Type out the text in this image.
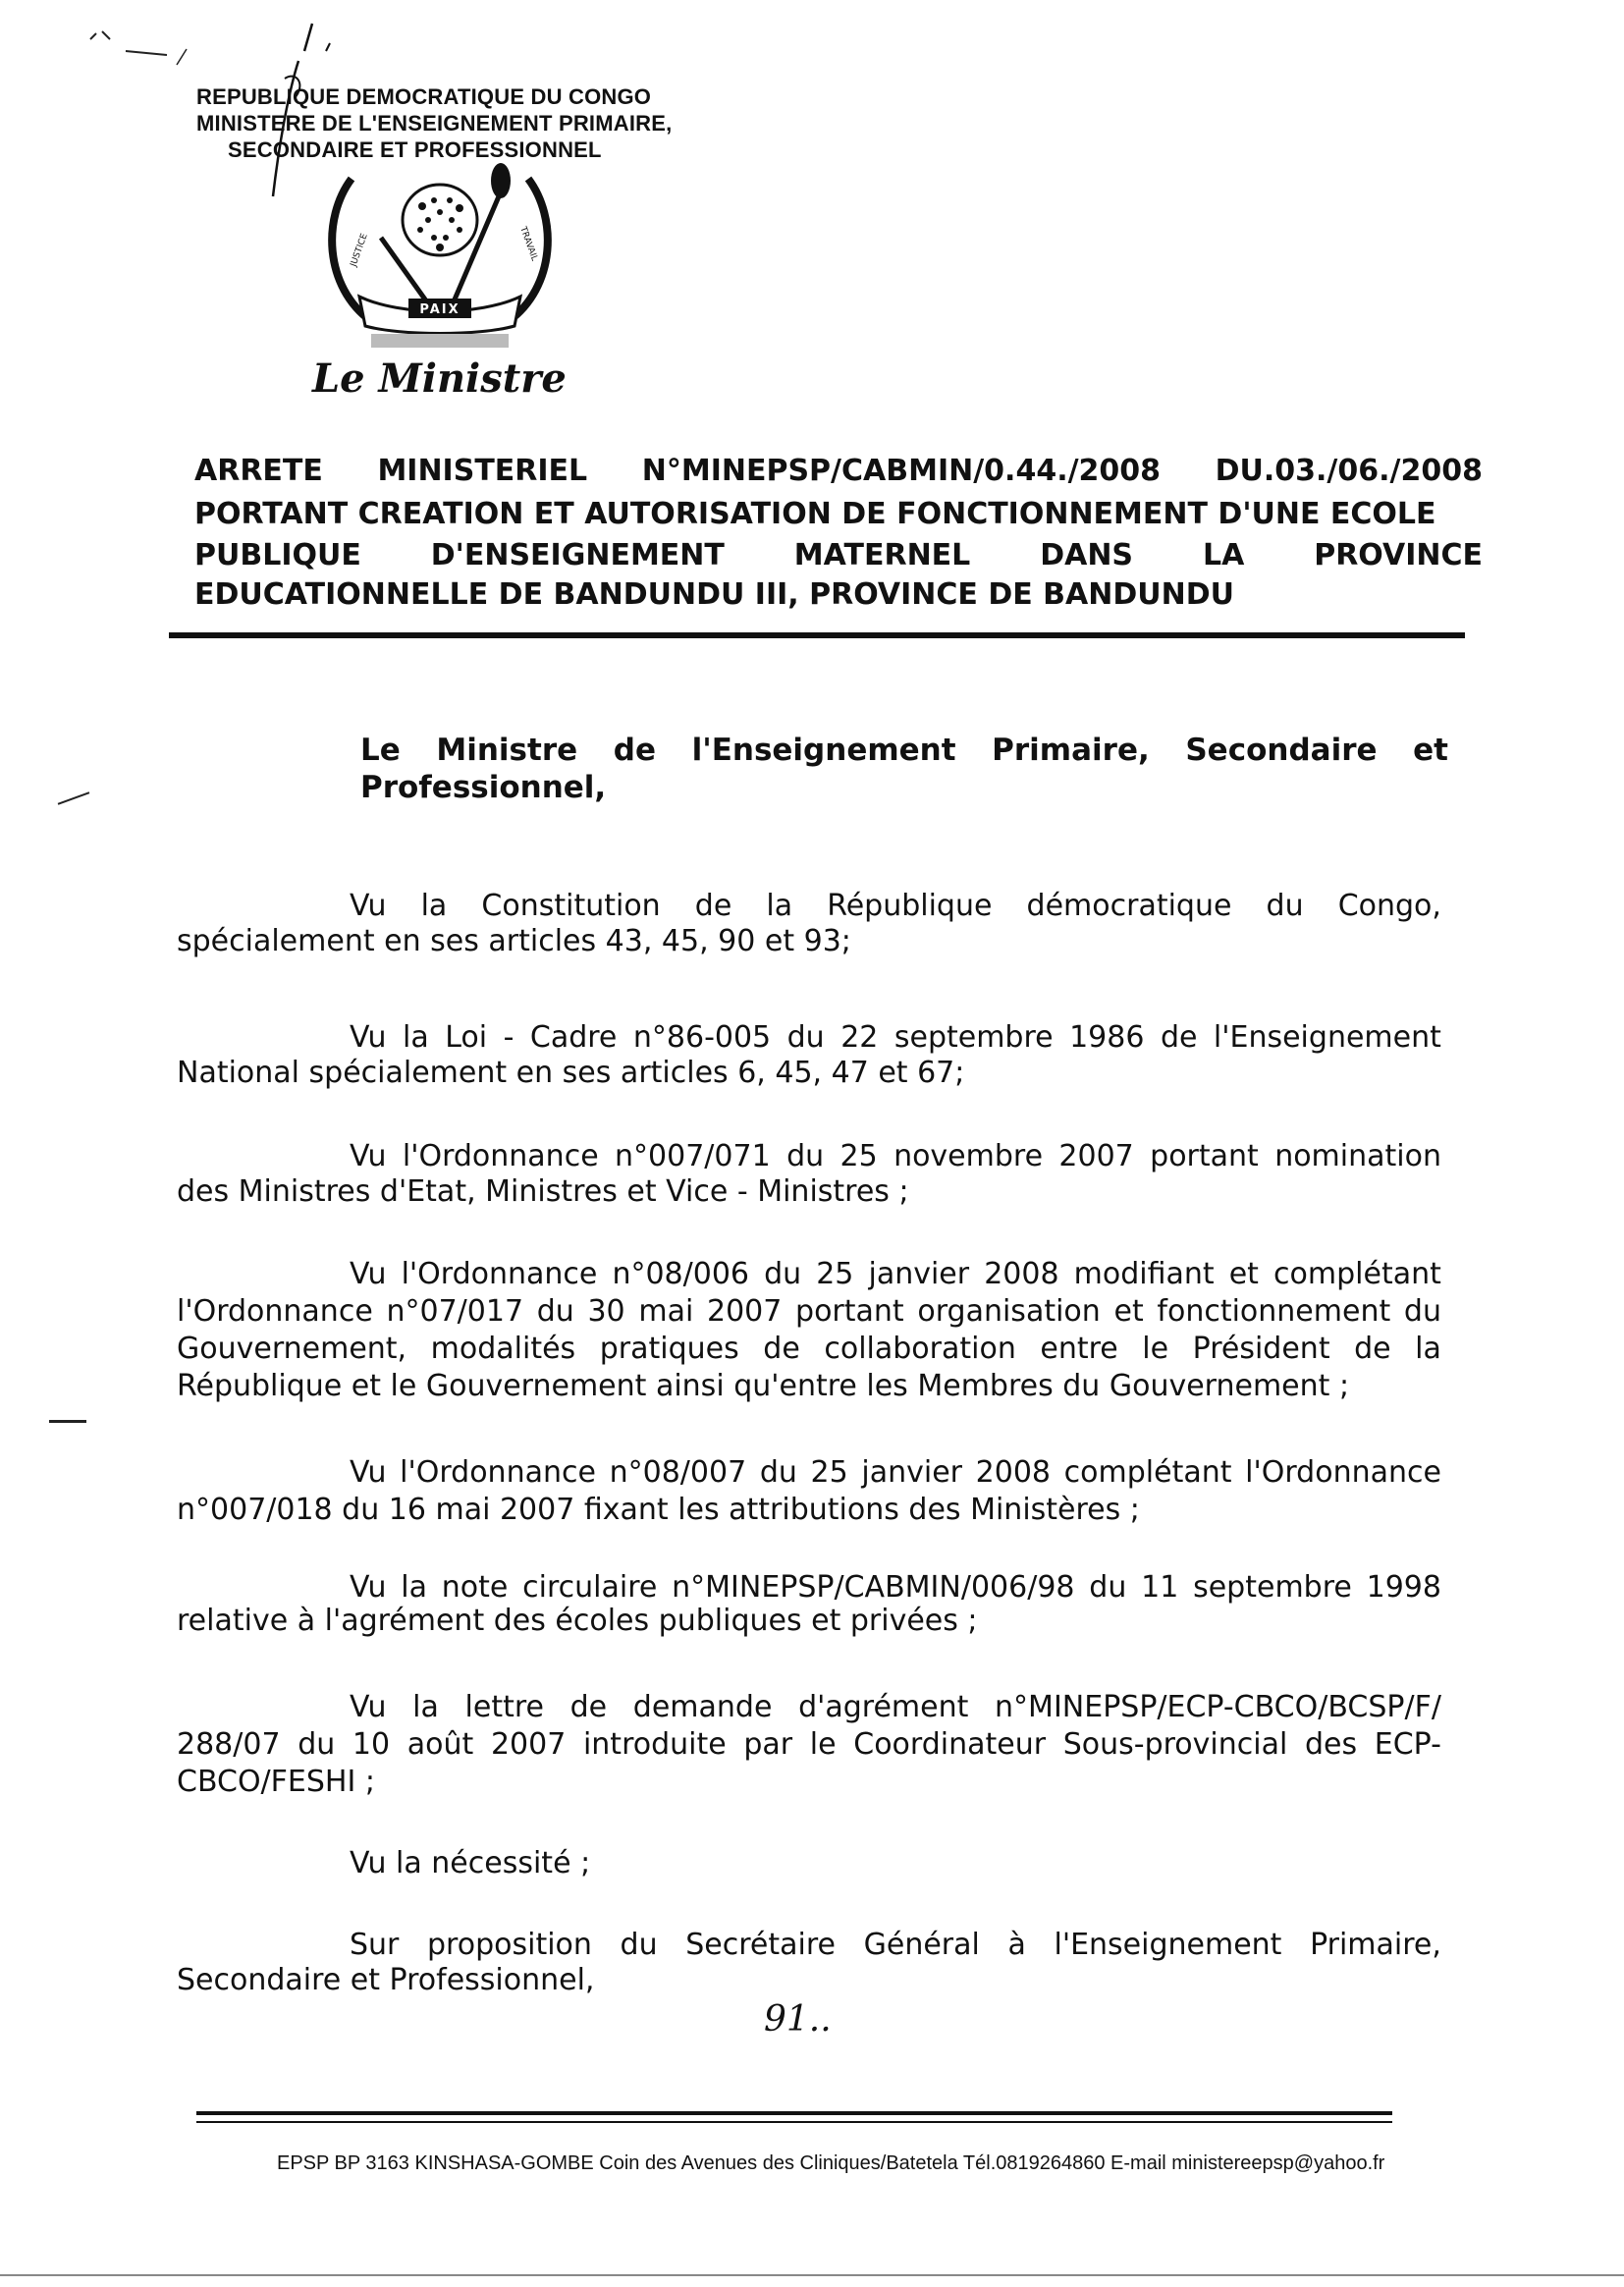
REPUBLIQUE DEMOCRATIQUE DU CONGO
MINISTERE DE L'ENSEIGNEMENT PRIMAIRE,
SECONDAIRE ET PROFESSIONNEL
PAIX
JUSTICE	TRAVAIL
Le Ministre
ARRETE MINISTERIEL N°MINEPSP/CABMIN/0.44./2008 DU.03./06./2008
PORTANT CREATION ET AUTORISATION DE FONCTIONNEMENT D'UNE ECOLE
PUBLIQUE D'ENSEIGNEMENT MATERNEL DANS LA PROVINCE
EDUCATIONNELLE DE BANDUNDU III, PROVINCE DE BANDUNDU
Le Ministre de l'Enseignement Primaire, Secondaire et
Professionnel,
Vu la Constitution de la République démocratique du Congo,
spécialement en ses articles 43, 45, 90 et 93;
Vu la Loi - Cadre n°86-005 du 22 septembre 1986 de l'Enseignement
National spécialement en ses articles 6, 45, 47 et 67;
Vu l'Ordonnance n°007/071 du 25 novembre 2007 portant nomination
des Ministres d'Etat, Ministres et Vice - Ministres ;
Vu l'Ordonnance n°08/006 du 25 janvier 2008 modifiant et complétant
l'Ordonnance n°07/017 du 30 mai 2007 portant organisation et fonctionnement du
Gouvernement, modalités pratiques de collaboration entre le Président de la
République et le Gouvernement ainsi qu'entre les Membres du Gouvernement ;
Vu l'Ordonnance n°08/007 du 25 janvier 2008 complétant l'Ordonnance
n°007/018 du 16 mai 2007 fixant les attributions des Ministères ;
Vu la note circulaire n°MINEPSP/CABMIN/006/98 du 11 septembre 1998
relative à l'agrément des écoles publiques et privées ;
Vu la lettre de demande d'agrément n°MINEPSP/ECP-CBCO/BCSP/F/
288/07 du 10 août 2007 introduite par le Coordinateur Sous-provincial des ECP-
CBCO/FESHI ;
Vu la nécessité ;
Sur proposition du Secrétaire Général à l'Enseignement Primaire,
Secondaire et Professionnel,
91..
EPSP BP 3163 KINSHASA-GOMBE Coin des Avenues des Cliniques/Batetela Tél.0819264860 E-mail ministereepsp@yahoo.fr
